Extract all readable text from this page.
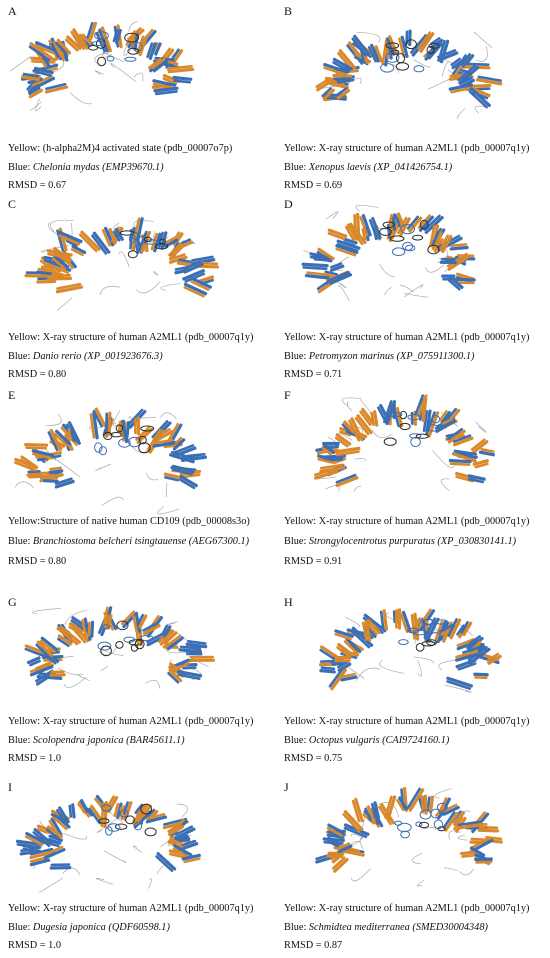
A
Yellow: (h-alpha2M)4 activated state (pdb_00007o7p)
Blue: Chelonia mydas (EMP39670.1)
RMSD = 0.67
B
Yellow: X-ray structure of human A2ML1 (pdb_00007q1y)
Blue: Xenopus laevis (XP_041426754.1)
RMSD = 0.69
C
Yellow: X-ray structure of human A2ML1 (pdb_00007q1y)
Blue: Danio rerio (XP_001923676.3)
RMSD = 0.80
D
Yellow: X-ray structure of human A2ML1 (pdb_00007q1y)
Blue: Petromyzon marinus (XP_075911300.1)
RMSD = 0.71
E
Yellow:Structure of native human CD109 (pdb_00008s3o)
Blue: Branchiostoma belcheri tsingtauense (AEG67300.1)
RMSD = 0.80
F
Yellow: X-ray structure of human A2ML1 (pdb_00007q1y)
Blue: Strongylocentrotus purpuratus (XP_030830141.1)
RMSD = 0.91
G
Yellow: X-ray structure of human A2ML1 (pdb_00007q1y)
Blue: Scolopendra japonica (BAR45611.1)
RMSD = 1.0
H
Yellow: X-ray structure of human A2ML1 (pdb_00007q1y)
Blue: Octopus vulgaris (CAI9724160.1)
RMSD = 0.75
I
Yellow: X-ray structure of human A2ML1 (pdb_00007q1y)
Blue: Dugesia japonica (QDF60598.1)
RMSD = 1.0
J
Yellow: X-ray structure of human A2ML1 (pdb_00007q1y)
Blue: Schmidtea mediterranea (SMED30004348)
RMSD = 0.87
